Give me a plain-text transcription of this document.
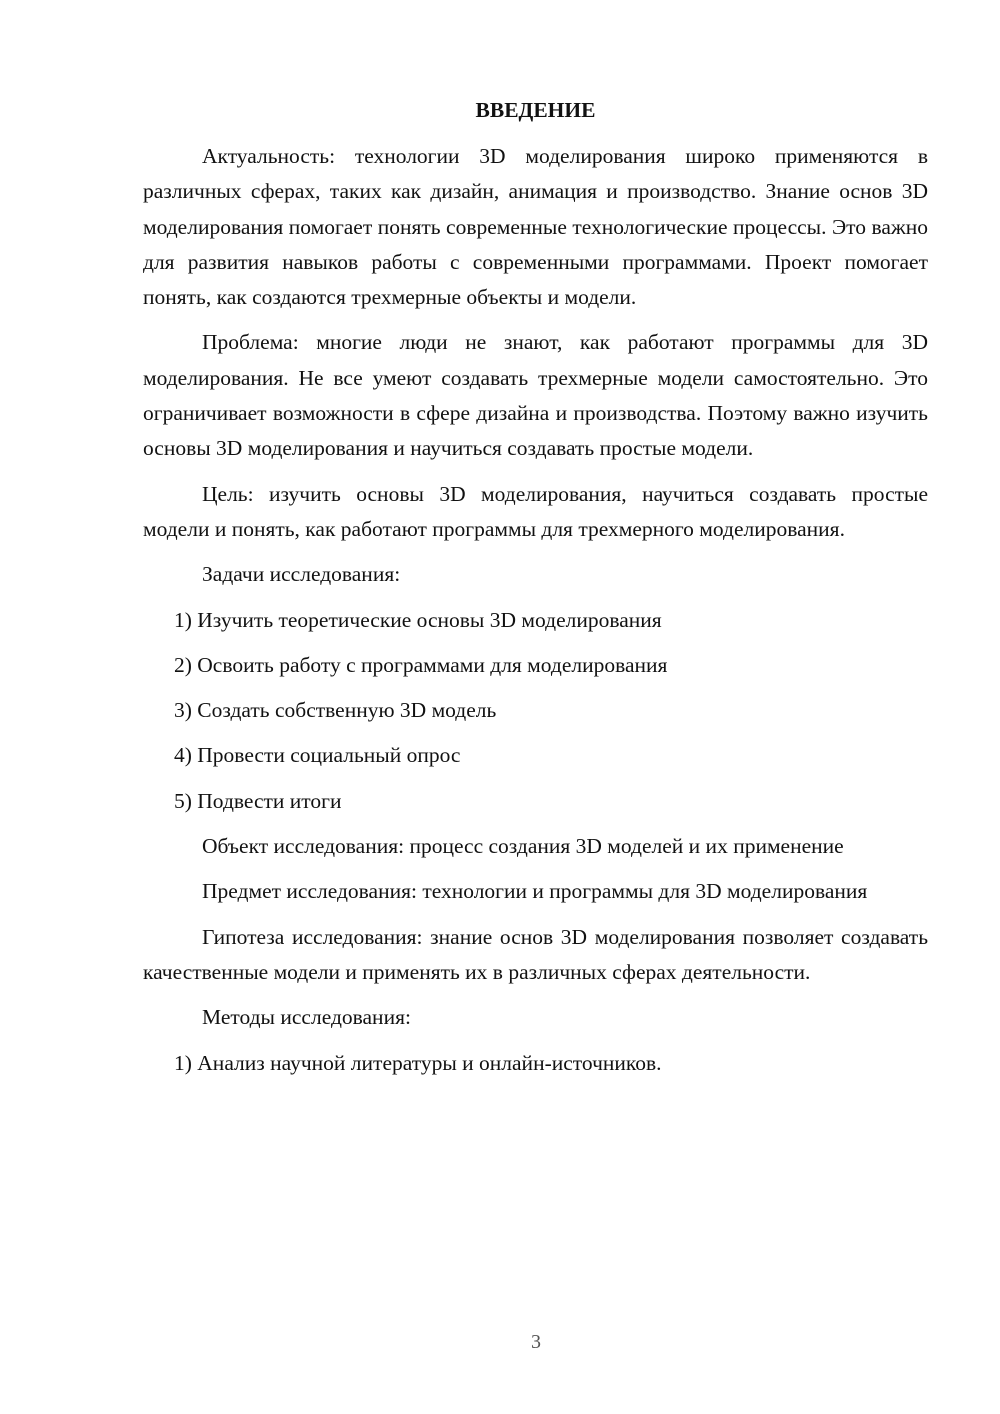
ВВЕДЕНИЕ

Актуальность: технологии 3D моделирования широко применяются в различных сферах, таких как дизайн, анимация и производство. Знание основ 3D моделирования помогает понять современные технологические процессы. Это важно для развития навыков работы с современными программами. Проект помогает понять, как создаются трехмерные объекты и модели.

Проблема: многие люди не знают, как работают программы для 3D моделирования. Не все умеют создавать трехмерные модели самостоятельно. Это ограничивает возможности в сфере дизайна и производства. Поэтому важно изучить основы 3D моделирования и научиться создавать простые модели.

Цель: изучить основы 3D моделирования, научиться создавать простые модели и понять, как работают программы для трехмерного моделирования.

Задачи исследования:

1) Изучить теоретические основы 3D моделирования
2) Освоить работу с программами для моделирования
3) Создать собственную 3D модель
4) Провести социальный опрос
5) Подвести итоги

Объект исследования: процесс создания 3D моделей и их применение

Предмет исследования: технологии и программы для 3D моделирования

Гипотеза исследования: знание основ 3D моделирования позволяет создавать качественные модели и применять их в различных сферах деятельности.

Методы исследования:

1) Анализ научной литературы и онлайн-источников.
3
